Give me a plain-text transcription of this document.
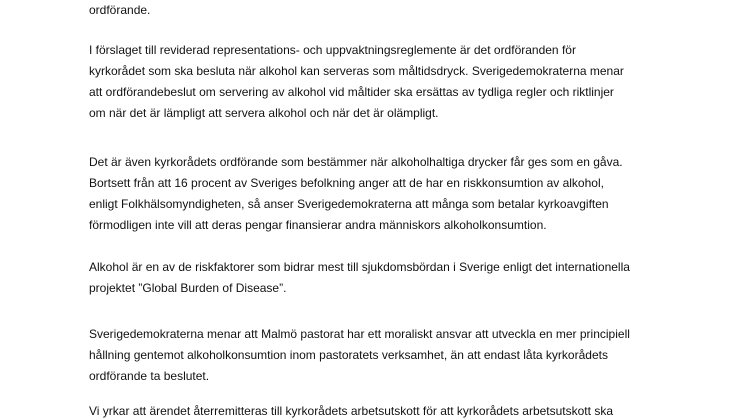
ordförande.

I förslaget till reviderad representations- och uppvaktningsreglemente är det ordföranden för
kyrkorådet som ska besluta när alkohol kan serveras som måltidsdryck. Sverigedemokraterna menar
att ordförandebeslut om servering av alkohol vid måltider ska ersättas av tydliga regler och riktlinjer
om när det är lämpligt att servera alkohol och när det är olämpligt.

Det är även kyrkorådets ordförande som bestämmer när alkoholhaltiga drycker får ges som en gåva.
Bortsett från att 16 procent av Sveriges befolkning anger att de har en riskkonsumtion av alkohol,
enligt Folkhälsomyndigheten, så anser Sverigedemokraterna att många som betalar kyrkoavgiften
förmodligen inte vill att deras pengar finansierar andra människors alkoholkonsumtion.

Alkohol är en av de riskfaktorer som bidrar mest till sjukdomsbördan i Sverige enligt det internationella
projektet ”Global Burden of Disease”.

Sverigedemokraterna menar att Malmö pastorat har ett moraliskt ansvar att utveckla en mer principiell
hållning gentemot alkoholkonsumtion inom pastoratets verksamhet, än att endast låta kyrkorådets
ordförande ta beslutet.

Vi yrkar att ärendet återremitteras till kyrkorådets arbetsutskott för att kyrkorådets arbetsutskott ska
